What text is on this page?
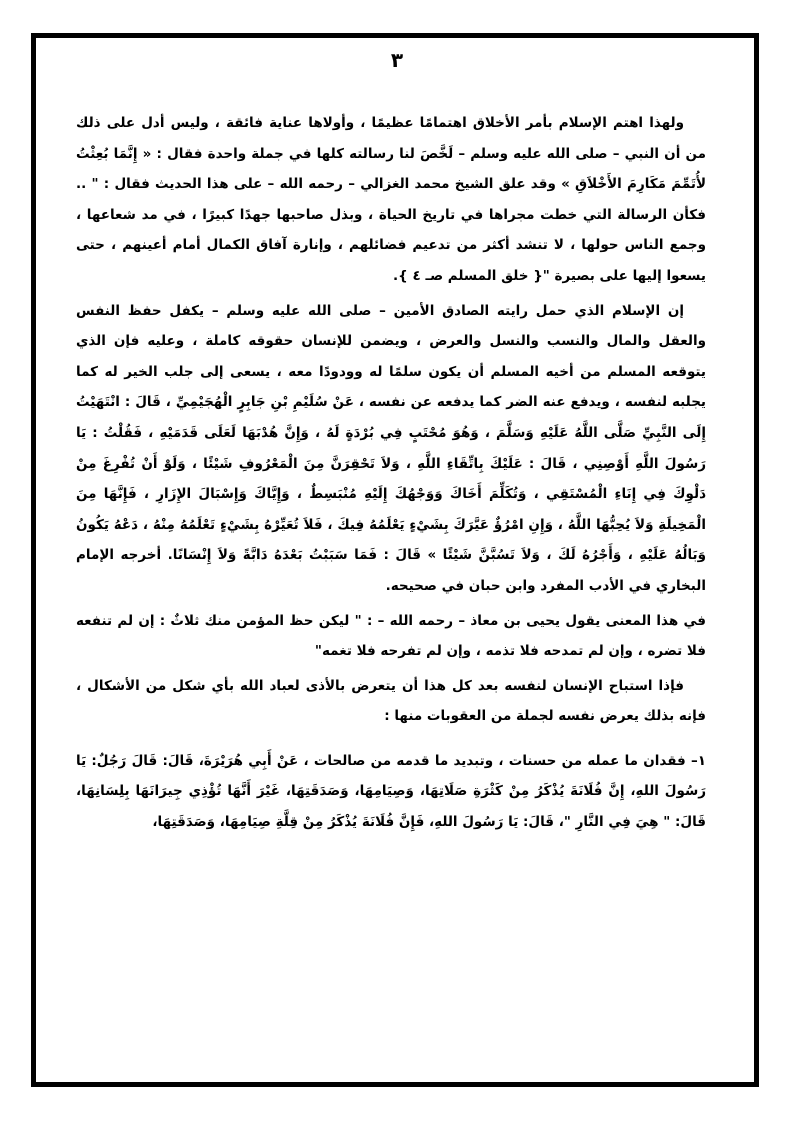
٣

ولهذا اهتم الإسلام بأمر الأخلاق اهتمامًا عظيمًا ، وأولاها عناية فائقة ، وليس أدل على ذلك من أن النبي – صلى الله عليه وسلم – لَخَّصَ لنا رسالته كلها في جملة واحدة فقال : « إِنَّمَا بُعِثْتُ لأُتَمِّمَ مَكَارِمَ الأَخْلاَقِ » وقد علق الشيخ محمد الغزالي – رحمه الله – على هذا الحديث فقال : " .. فكأن الرسالة التي خطت مجراها في تاريخ الحياة ، وبذل صاحبها جهدًا كبيرًا ، في مد شعاعها ، وجمع الناس حولها ، لا تنشد أكثر من تدعيم فضائلهم ، وإنارة آفاق الكمال أمام أعينهم ، حتى يسعوا إليها على بصيرة "{ خلق المسلم صـ ٤ }.

إن الإسلام الذي حمل رايته الصادق الأمين – صلى الله عليه وسلم – يكفل حفظ النفس والعقل والمال والنسب والنسل والعرض ، ويضمن للإنسان حقوقه كاملة ، وعليه فإن الذي يتوقعه المسلم من أخيه المسلم أن يكون سلمًا له وودودًا معه ، يسعى إلى جلب الخير له كما يجلبه لنفسه ، ويدفع عنه الضر كما يدفعه عن نفسه ، عَنْ سُلَيْمِ بْنِ جَابِرٍ الْهُجَيْمِيِّ ، قَالَ : انْتَهَيْتُ إِلَى النَّبِيِّ صَلَّى اللَّهُ عَلَيْهِ وَسَلَّمَ ، وَهُوَ مُحْتَبٍ فِي بُرْدَةٍ لَهُ ، وَإِنَّ هُدْبَهَا لَعَلَى قَدَمَيْهِ ، فَقُلْتُ : يَا رَسُولَ اللَّهِ أَوْصِنِي ، قَالَ : عَلَيْكَ بِاتِّقَاءِ اللَّهِ ، وَلاَ تَحْقِرَنَّ مِنَ الْمَعْرُوفِ شَيْئًا ، وَلَوْ أَنْ تُفْرِغَ مِنْ دَلْوِكَ فِي إِنَاءِ الْمُسْتَقِي ، وَتُكَلِّمَ أَخَاكَ وَوَجْهُكَ إِلَيْهِ مُنْبَسِطٌ ، وَإِيَّاكَ وَإِسْبَالَ الإِزَارِ ، فَإِنَّهَا مِنَ الْمَخِيلَةِ وَلاَ يُحِبُّهَا اللَّهُ ، وَإِنِ امْرُؤٌ عَيَّرَكَ بِشَيْءٍ يَعْلَمُهُ فِيكَ ، فَلاَ تُعَيِّرْهُ بِشَيْءٍ تَعْلَمُهُ مِنْهُ ، دَعْهُ يَكُونُ وَبَالُهُ عَلَيْهِ ، وَأَجْرُهُ لَكَ ، وَلاَ تَسُبَّنَّ شَيْئًا » قَالَ : فَمَا سَبَبْتُ بَعْدَهُ دَابَّةً وَلاَ إِنْسَانًا. أخرجه الإمام البخاري في الأدب المفرد وابن حبان في صحيحه.

في هذا المعنى يقول يحيى بن معاذ – رحمه الله – : " ليكن حظ المؤمن منك ثلاثٌ : إن لم تنفعه فلا تضره ، وإن لم تمدحه فلا تذمه ، وإن لم تفرحه فلا تغمه"

فإذا استباح الإنسان لنفسه بعد كل هذا أن يتعرض بالأذى لعباد الله بأي شكل من الأشكال ، فإنه بذلك يعرض نفسه لجملة من العقوبات منها :

١– فقدان ما عمله من حسنات ، وتبديد ما قدمه من صالحات ، عَنْ أَبِي هُرَيْرَةَ، قَالَ: قَالَ رَجُلٌ: يَا رَسُولَ اللهِ، إِنَّ فُلَانَةَ يُذْكَرُ مِنْ كَثْرَةِ صَلَاتِهَا، وَصِيَامِهَا، وَصَدَقَتِهَا، غَيْرَ أَنَّهَا تُؤْذِي جِيرَانَهَا بِلِسَانِهَا، قَالَ: " هِيَ فِي النَّارِ "، قَالَ: يَا رَسُولَ اللهِ، فَإِنَّ فُلَانَةَ يُذْكَرُ مِنْ قِلَّةِ صِيَامِهَا، وَصَدَقَتِهَا،
